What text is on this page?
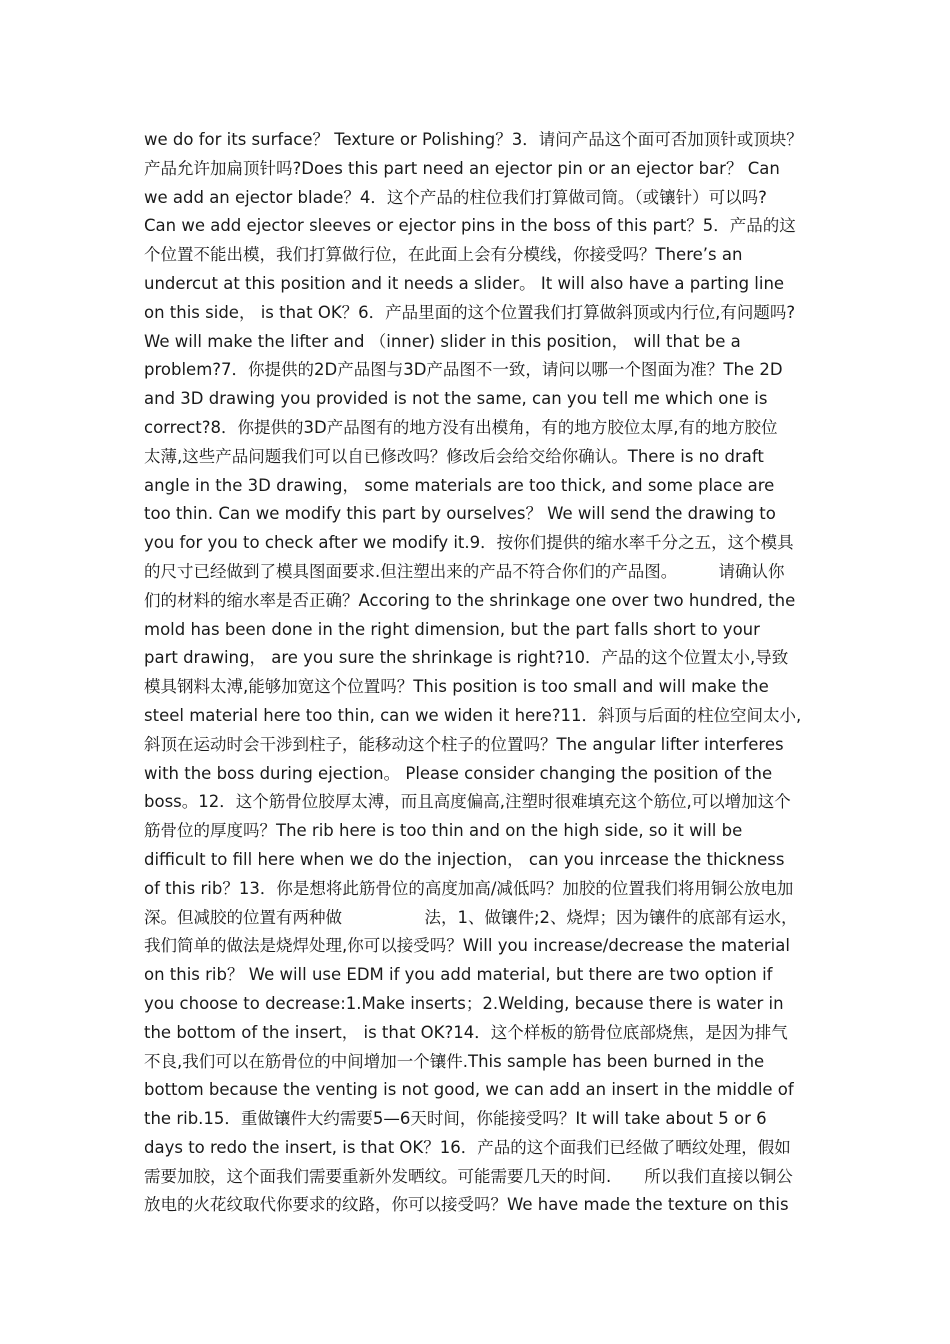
we do for its surface？ Texture or Polishing？3．请问产品这个面可否加顶针或顶块？
产品允许加扁顶针吗?Does this part need an ejector pin or an ejector bar？ Can
we add an ejector blade？4．这个产品的柱位我们打算做司筒。（或镶针）可以吗?
Can we add ejector sleeves or ejector pins in the boss of this part？5．产品的这
个位置不能出模，我们打算做行位，在此面上会有分模线，你接受吗？There’s an
undercut at this position and it needs a slider。 It will also have a parting line
on this side， is that OK？6．产品里面的这个位置我们打算做斜顶或内行位,有问题吗?
We will make the lifter and （inner) slider in this position， will that be a
problem?7．你提供的2D产品图与3D产品图不一致，请问以哪一个图面为准？The 2D
and 3D drawing you provided is not the same, can you tell me which one is
correct?8．你提供的3D产品图有的地方没有出模角，有的地方胶位太厚,有的地方胶位
太薄,这些产品问题我们可以自已修改吗？修改后会给交给你确认。There is no draft
angle in the 3D drawing， some materials are too thick, and some place are
too thin. Can we modify this part by ourselves？ We will send the drawing to
you for you to check after we modify it.9．按你们提供的缩水率千分之五，这个模具
的尺寸已经做到了模具图面要求.但注塑出来的产品不符合你们的产品图。　　　请确认你
们的材料的缩水率是否正确？Accoring to the shrinkage one over two hundred, the
mold has been done in the right dimension, but the part falls short to your
part drawing， are you sure the shrinkage is right?10．产品的这个位置太小,导致
模具钢料太溥,能够加宽这个位置吗？This position is too small and will make the
steel material here too thin, can we widen it here?11．斜顶与后面的柱位空间太小,
斜顶在运动时会干涉到柱子，能移动这个柱子的位置吗？The angular lifter interferes
with the boss during ejection。 Please consider changing the position of the
boss。12．这个筋骨位胶厚太溥，而且高度偏高,注塑时很难填充这个筋位,可以增加这个
筋骨位的厚度吗？The rib here is too thin and on the high side, so it will be
difficult to fill here when we do the injection， can you inrcease the thickness
of this rib？13．你是想将此筋骨位的高度加高/减低吗？加胶的位置我们将用铜公放电加
深。但减胶的位置有两种做　　　　　法，1、做镶件;2、烧焊；因为镶件的底部有运水，
我们简单的做法是烧焊处理,你可以接受吗？Will you increase/decrease the material
on this rib？ We will use EDM if you add material, but there are two option if
you choose to decrease:1.Make inserts；2.Welding, because there is water in
the bottom of the insert， is that OK?14．这个样板的筋骨位底部烧焦，是因为排气
不良,我们可以在筋骨位的中间增加一个镶件.This sample has been burned in the
bottom because the venting is not good, we can add an insert in the middle of
the rib.15．重做镶件大约需要5—6天时间，你能接受吗？It will take about 5 or 6
days to redo the insert, is that OK？16．产品的这个面我们已经做了晒纹处理，假如
需要加胶，这个面我们需要重新外发晒纹。可能需要几天的时间.　　所以我们直接以铜公
放电的火花纹取代你要求的纹路，你可以接受吗？We have made the texture on this
